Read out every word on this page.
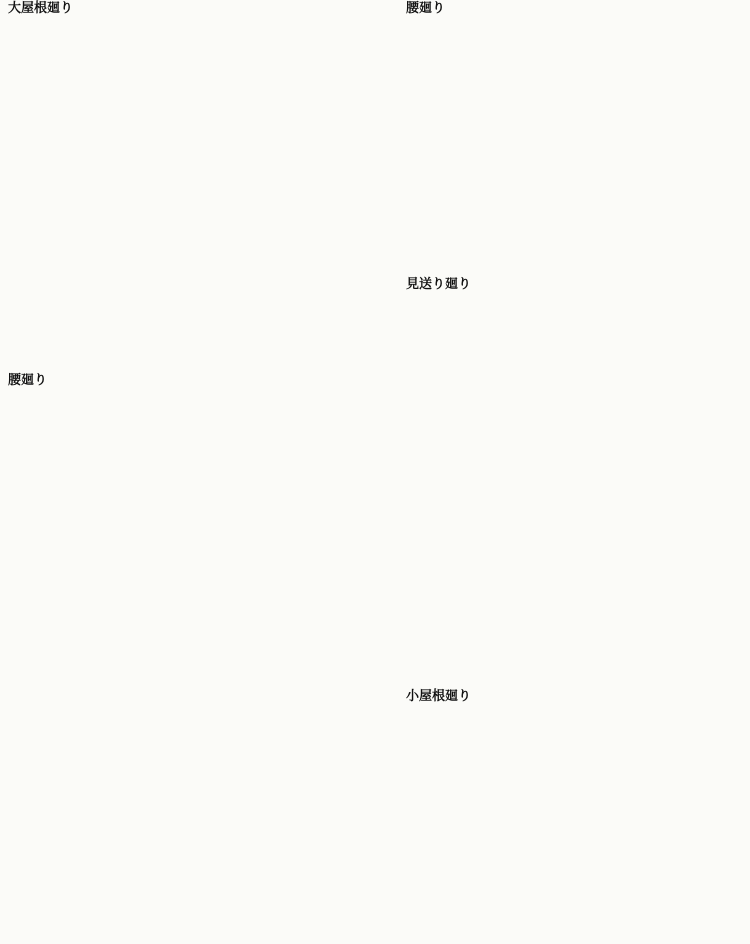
大屋根廻り
腰廻り
腰廻り
見送り廻り
小屋根廻り
